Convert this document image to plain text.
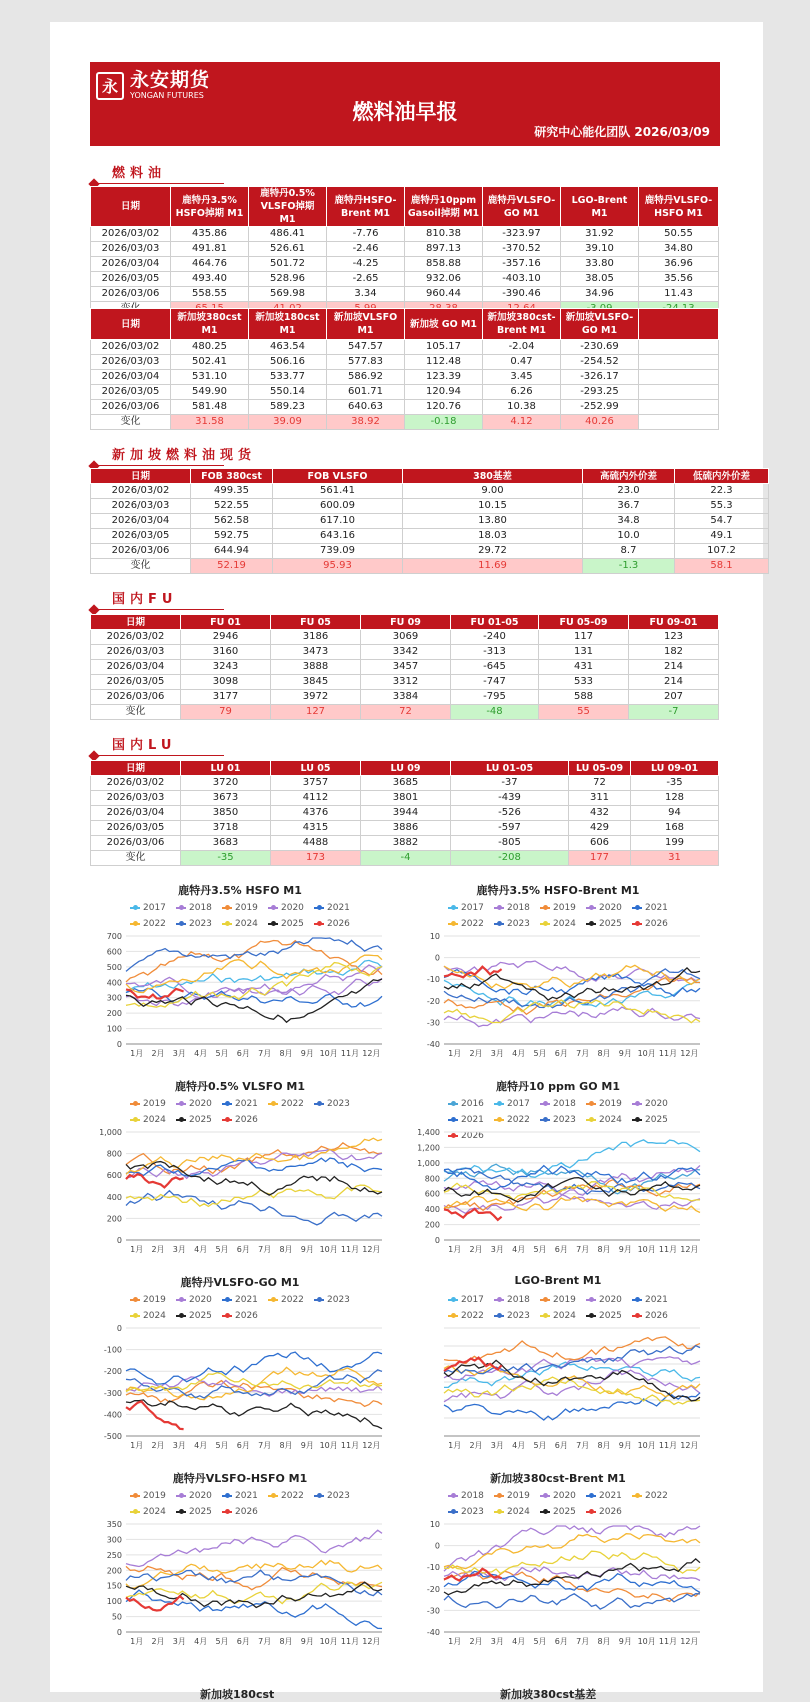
永 永安期货
YONGAN FUTURES
燃料油早报
研究中心能化团队 2026/03/09
燃料油
日期	鹿特丹3.5% HSFO掉期 M1	鹿特丹0.5% VLSFO掉期 M1	鹿特丹HSFO-Brent M1	鹿特丹10ppm Gasoil掉期 M1	鹿特丹VLSFO-GO M1	LGO-Brent M1	鹿特丹VLSFO-HSFO M1
2026/03/02	435.86	486.41	-7.76	810.38	-323.97	31.92	50.55
2026/03/03	491.81	526.61	-2.46	897.13	-370.52	39.10	34.80
2026/03/04	464.76	501.72	-4.25	858.88	-357.16	33.80	36.96
2026/03/05	493.40	528.96	-2.65	932.06	-403.10	38.05	35.56
2026/03/06	558.55	569.98	3.34	960.44	-390.46	34.96	11.43

日期	新加坡380cst M1	新加坡180cst M1	新加坡VLSFO M1	新加坡 GO M1	新加坡380cst-Brent M1	新加坡VLSFO-GO M1	
2026/03/02	480.25	463.54	547.57	105.17	-2.04	-230.69	
2026/03/03	502.41	506.16	577.83	112.48	0.47	-254.52	
2026/03/04	531.10	533.77	586.92	123.39	3.45	-326.17	
2026/03/05	549.90	550.14	601.71	120.94	6.26	-293.25	
2026/03/06	581.48	589.23	640.63	120.76	10.38	-252.99	
变化	31.58	39.09	38.92	-0.18	4.12	40.26	
新加坡燃料油现货
日期	FOB 380cst	FOB VLSFO	380基差	高硫内外价差	低硫内外价差
2026/03/02	499.35	561.41	9.00	23.0	22.3
2026/03/03	522.55	600.09	10.15	36.7	55.3
2026/03/04	562.58	617.10	13.80	34.8	54.7
2026/03/05	592.75	643.16	18.03	10.0	49.1
2026/03/06	644.94	739.09	29.72	8.7	107.2
变化	52.19	95.93	11.69	-1.3	58.1
国内FU
日期	FU 01	FU 05	FU 09	FU 01-05	FU 05-09	FU 09-01
2026/03/02	2946	3186	3069	-240	117	123
2026/03/03	3160	3473	3342	-313	131	182
2026/03/04	3243	3888	3457	-645	431	214
2026/03/05	3098	3845	3312	-747	533	214
2026/03/06	3177	3972	3384	-795	588	207
变化	79	127	72	-48	55	-7
国内LU
日期	LU 01	LU 05	LU 09	LU 01-05	LU 05-09	LU 09-01
2026/03/02	3720	3757	3685	-37	72	-35
2026/03/03	3673	4112	3801	-439	311	128
2026/03/04	3850	4376	3944	-526	432	94
2026/03/05	3718	4315	3886	-597	429	168
2026/03/06	3683	4488	3882	-805	606	199
变化	-35	173	-4	-208	177	31
鹿特丹3.5% HSFO M1
2017	2018	2019	2020	2021
2022	2023	2024	2025	2026
0
100
200
300
400
500
600
700
1月 2月 3月 4月 5月 6月 7月 8月 9月 10月 11月 12月
鹿特丹3.5% HSFO-Brent M1
2017	2018	2019	2020	2021
2022	2023	2024	2025	2026
-40
-30
-20
-10
0
10
1月 2月 3月 4月 5月 6月 7月 8月 9月 10月 11月 12月
鹿特丹0.5% VLSFO M1
2019	2020	2021	2022	2023
2024	2025	2026
0
200
400
600
800
1,000
1月 2月 3月 4月 5月 6月 7月 8月 9月 10月 11月 12月
鹿特丹10 ppm GO M1
2016	2017	2018	2019	2020
2021	2022	2023	2024	2025
2026
0
200
400
600
800
1,000
1,200
1,400
1月 2月 3月 4月 5月 6月 7月 8月 9月 10月 11月 12月
鹿特丹VLSFO-GO M1
2019	2020	2021	2022	2023
2024	2025	2026
-500
-400
-300
-200
-100
0
1月 2月 3月 4月 5月 6月 7月 8月 9月 10月 11月 12月
LGO-Brent M1
2017	2018	2019	2020	2021
2022	2023	2024	2025	2026
1月 2月 3月 4月 5月 6月 7月 8月 9月 10月 11月 12月
鹿特丹VLSFO-HSFO M1
2019	2020	2021	2022	2023
2024	2025	2026
0
50
100
150
200
250
300
350
1月 2月 3月 4月 5月 6月 7月 8月 9月 10月 11月 12月
新加坡380cst-Brent M1
2018	2019	2020	2021	2022
2023	2024	2025	2026
-40
-30
-20
-10
0
10
1月 2月 3月 4月 5月 6月 7月 8月 9月 10月 11月 12月
新加坡180cst	新加坡380cst基差
